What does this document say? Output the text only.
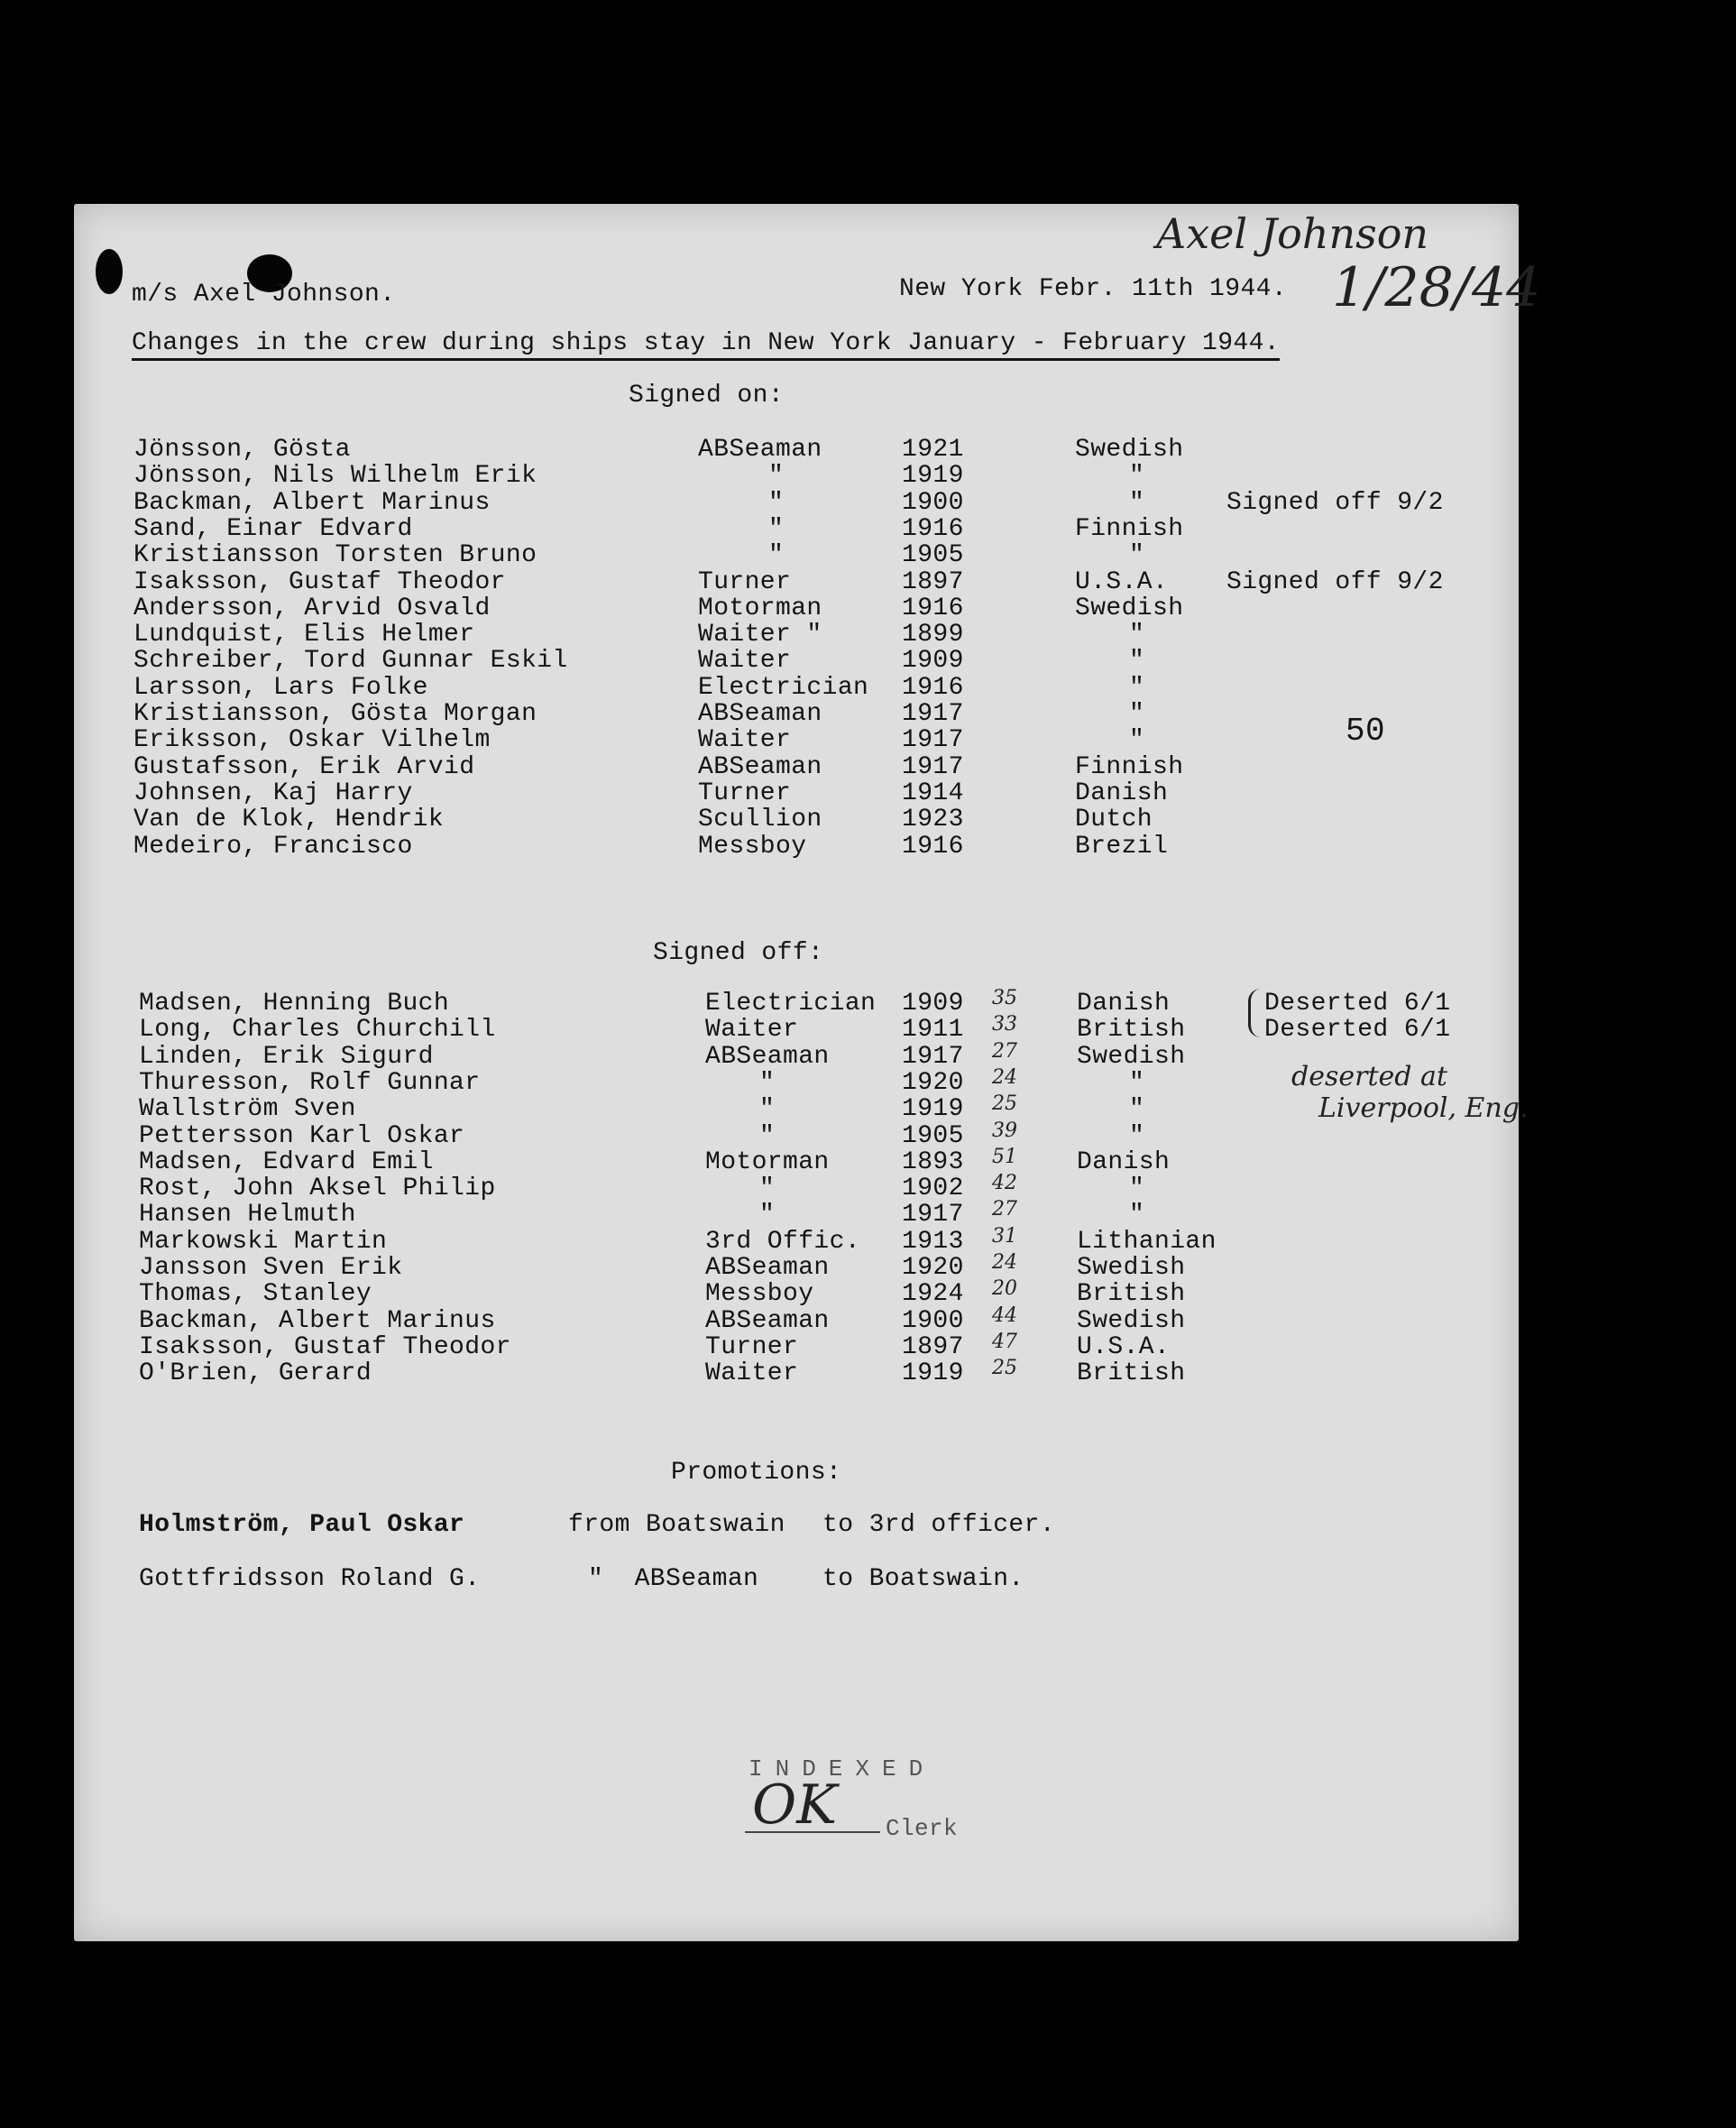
m/s Axel Johnson.	New York Febr. 11th 1944.
Axel Johnson
1/28/44
Changes in the crew during ships stay in New York January - February 1944.
Signed on:
Jönsson, Gösta	ABSeaman	1921	Swedish
Jönsson, Nils Wilhelm Erik	"	1919	"
Backman, Albert Marinus	"	1900	"	Signed off 9/2
Sand, Einar Edvard	"	1916	Finnish
Kristiansson Torsten Bruno	"	1905	"
Isaksson, Gustaf Theodor	Turner	1897	U.S.A. Signed off 9/2
Andersson, Arvid Osvald	Motorman	1916	Swedish
Lundquist, Elis Helmer	Waiter "	1899	"
Schreiber, Tord Gunnar Eskil	Waiter	1909	"
Larsson, Lars Folke	Electrician 1916	"
Kristiansson, Gösta Morgan	ABSeaman	1917	"
Eriksson, Oskar Vilhelm	Waiter	1917	"
Gustafsson, Erik Arvid	ABSeaman	1917	Finnish
Johnsen, Kaj Harry	Turner	1914	Danish
Van de Klok, Hendrik	Scullion	1923	Dutch
Medeiro, Francisco	Messboy	1916	Brezil
50
Signed off:
Madsen, Henning Buch	Electrician 1909 35 Danish	Deserted 6/1
Long, Charles Churchill	Waiter	1911 33 British	Deserted 6/1
Linden, Erik Sigurd	ABSeaman	1917 27 Swedish
Thuresson, Rolf Gunnar	"	1920 24	"
Wallström Sven	"	1919 25	"
Pettersson Karl Oskar	"	1905 39	"
Madsen, Edvard Emil	Motorman	1893 51 Danish
Rost, John Aksel Philip	"	1902 42	"
Hansen Helmuth	"	1917 27	"
Markowski Martin	3rd Offic. 1913 31 Lithanian
Jansson Sven Erik	ABSeaman	1920 24 Swedish
Thomas, Stanley	Messboy	1924 20 British
Backman, Albert Marinus	ABSeaman	1900 44 Swedish
Isaksson, Gustaf Theodor	Turner	1897 47 U.S.A.
O'Brien, Gerard	Waiter	1919 25 British
deserted at
Liverpool, Eng.
Promotions:
Holmström, Paul Oskar	from Boatswain to 3rd officer.
Gottfridsson Roland G.	"  ABSeaman	to Boatswain.
INDEXED
OK Clerk
